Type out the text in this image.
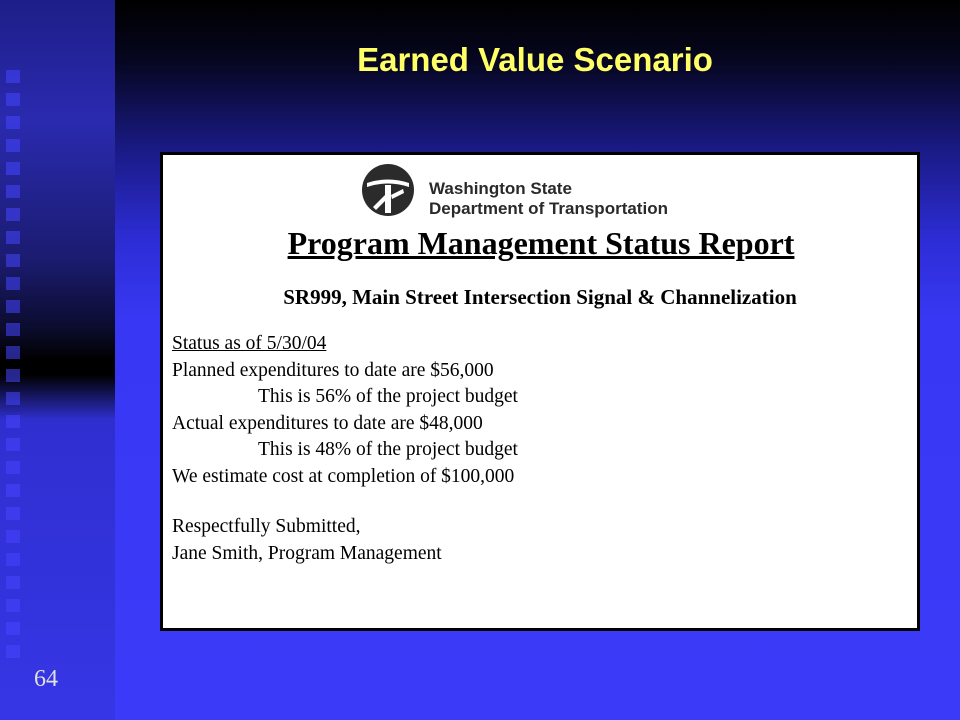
Earned Value Scenario
Washington State
Department of Transportation
Program Management Status Report
SR999, Main Street Intersection Signal & Channelization
Status as of 5/30/04
Planned expenditures to date are $56,000
This is 56% of the project budget
Actual expenditures to date are $48,000
This is 48% of the project budget
We estimate cost at completion of $100,000
Respectfully Submitted,
Jane Smith, Program Management
64
